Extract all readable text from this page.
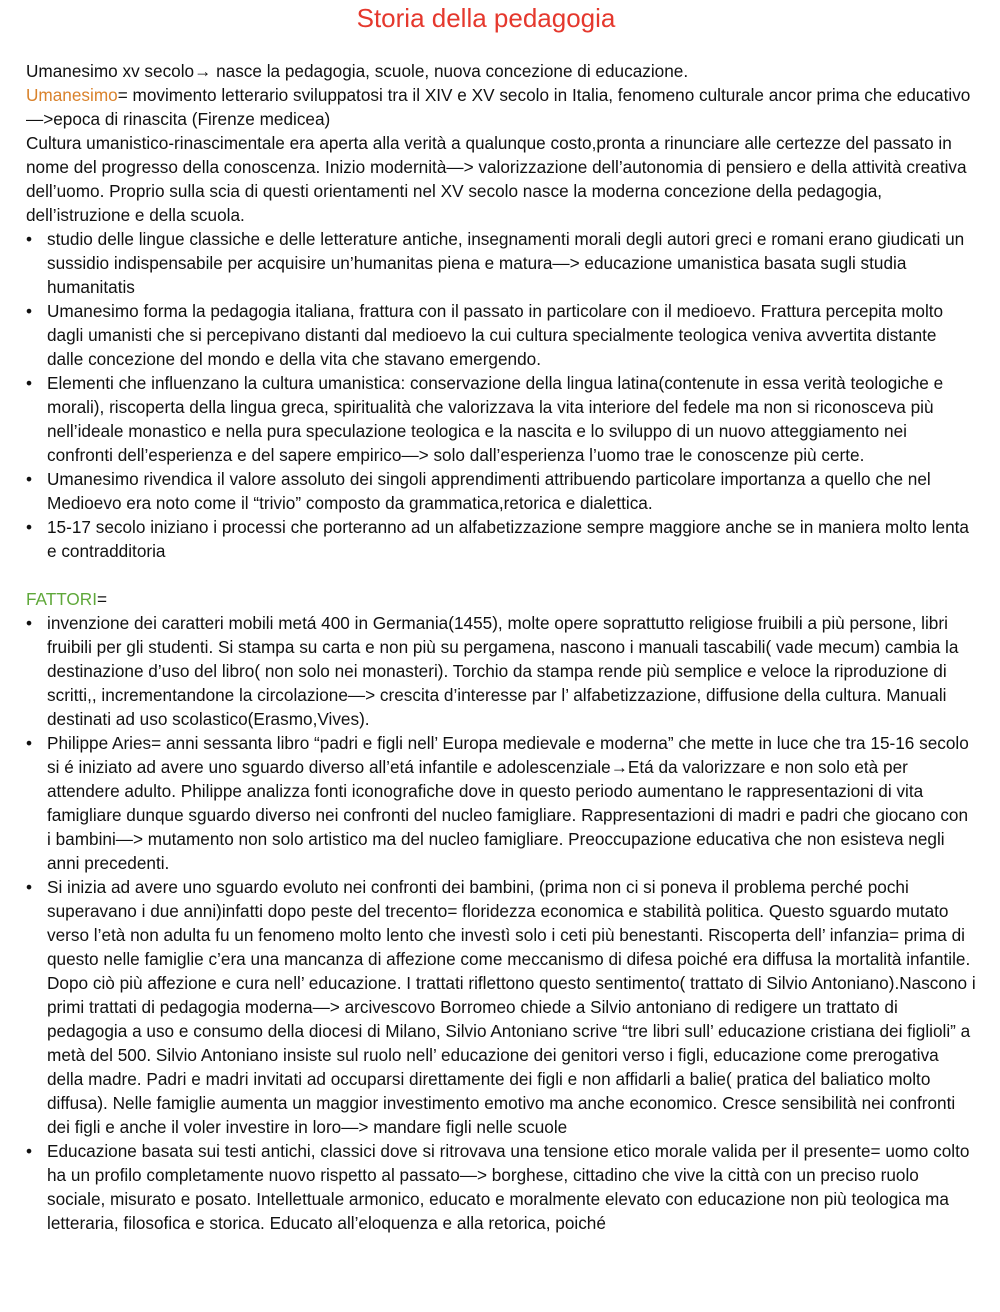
Storia della pedagogia

Umanesimo xv secolo→ nasce la pedagogia, scuole, nuova concezione di educazione.

Umanesimo= movimento letterario sviluppatosi tra il XIV e XV secolo in Italia, fenomeno culturale ancor prima che educativo—>epoca di rinascita (Firenze medicea)

Cultura umanistico-rinascimentale era aperta alla verità a qualunque costo,pronta a rinunciare alle certezze del passato in nome del progresso della conoscenza. Inizio modernità—> valorizzazione dell’autonomia di pensiero e della attività creativa dell’uomo. Proprio sulla scia di questi orientamenti nel XV secolo nasce la moderna concezione della pedagogia, dell’istruzione e della scuola.

• studio delle lingue classiche e delle letterature antiche, insegnamenti morali degli autori greci e romani erano giudicati un sussidio indispensabile per acquisire un’humanitas piena e matura—> educazione umanistica basata sugli studia humanitatis
• Umanesimo forma la pedagogia italiana, frattura con il passato in particolare con il medioevo. Frattura percepita molto dagli umanisti che si percepivano distanti dal medioevo la cui cultura specialmente teologica veniva avvertita distante dalle concezione del mondo e della vita che stavano emergendo.
• Elementi che influenzano la cultura umanistica: conservazione della lingua latina(contenute in essa verità teologiche e morali), riscoperta della lingua greca, spiritualità che valorizzava la vita interiore del fedele ma non si riconosceva più nell’ideale monastico e nella pura speculazione teologica e la nascita e lo sviluppo di un nuovo atteggiamento nei confronti dell’esperienza e del sapere empirico—> solo dall’esperienza l’uomo trae le conoscenze più certe.
• Umanesimo rivendica il valore assoluto dei singoli apprendimenti attribuendo particolare importanza a quello che nel Medioevo era noto come il “trivio” composto da grammatica,retorica e dialettica.
• 15-17 secolo iniziano i processi che porteranno ad un alfabetizzazione sempre maggiore anche se in maniera molto lenta e contradditoria

FATTORI=

• invenzione dei caratteri mobili metá 400 in Germania(1455), molte opere soprattutto religiose fruibili a più persone, libri fruibili per gli studenti. Si stampa su carta e non più su pergamena, nascono i manuali tascabili( vade mecum) cambia la destinazione d’uso del libro( non solo nei monasteri). Torchio da stampa rende più semplice e veloce la riproduzione di scritti,, incrementandone la circolazione—> crescita d’interesse par l’ alfabetizzazione, diffusione della cultura. Manuali destinati ad uso scolastico(Erasmo,Vives).
• Philippe Aries= anni sessanta libro “padri e figli nell’ Europa medievale e moderna” che mette in luce che tra 15-16 secolo si é iniziato ad avere uno sguardo diverso all’etá infantile e adolescenziale→Etá da valorizzare e non solo età per attendere adulto. Philippe analizza fonti iconografiche dove in questo periodo aumentano le rappresentazioni di vita famigliare dunque sguardo diverso nei confronti del nucleo famigliare. Rappresentazioni di madri e padri che giocano con i bambini—> mutamento non solo artistico ma del nucleo famigliare. Preoccupazione educativa che non esisteva negli anni precedenti.
• Si inizia ad avere uno sguardo evoluto nei confronti dei bambini, (prima non ci si poneva il problema perché pochi superavano i due anni)infatti dopo peste del trecento= floridezza economica e stabilità politica. Questo sguardo mutato verso l’età non adulta fu un fenomeno molto lento che investì solo i ceti più benestanti. Riscoperta dell’ infanzia= prima di questo nelle famiglie c’era una mancanza di affezione come meccanismo di difesa poiché era diffusa la mortalità infantile. Dopo ciò più affezione e cura nell’ educazione. I trattati riflettono questo sentimento( trattato di Silvio Antoniano).Nascono i primi trattati di pedagogia moderna—> arcivescovo Borromeo chiede a Silvio antoniano di redigere un trattato di pedagogia a uso e consumo della diocesi di Milano, Silvio Antoniano scrive “tre libri sull’ educazione cristiana dei figlioli” a metà del 500. Silvio Antoniano insiste sul ruolo nell’ educazione dei genitori verso i figli, educazione come prerogativa della madre. Padri e madri invitati ad occuparsi direttamente dei figli e non affidarli a balie( pratica del baliatico molto diffusa). Nelle famiglie aumenta un maggior investimento emotivo ma anche economico. Cresce sensibilità nei confronti dei figli e anche il voler investire in loro—> mandare figli nelle scuole
• Educazione basata sui testi antichi, classici dove si ritrovava una tensione etico morale valida per il presente= uomo colto ha un profilo completamente nuovo rispetto al passato—> borghese, cittadino che vive la città con un preciso ruolo sociale, misurato e posato. Intellettuale armonico, educato e moralmente elevato con educazione non più teologica ma letteraria, filosofica e storica. Educato all’eloquenza e alla retorica, poiché
